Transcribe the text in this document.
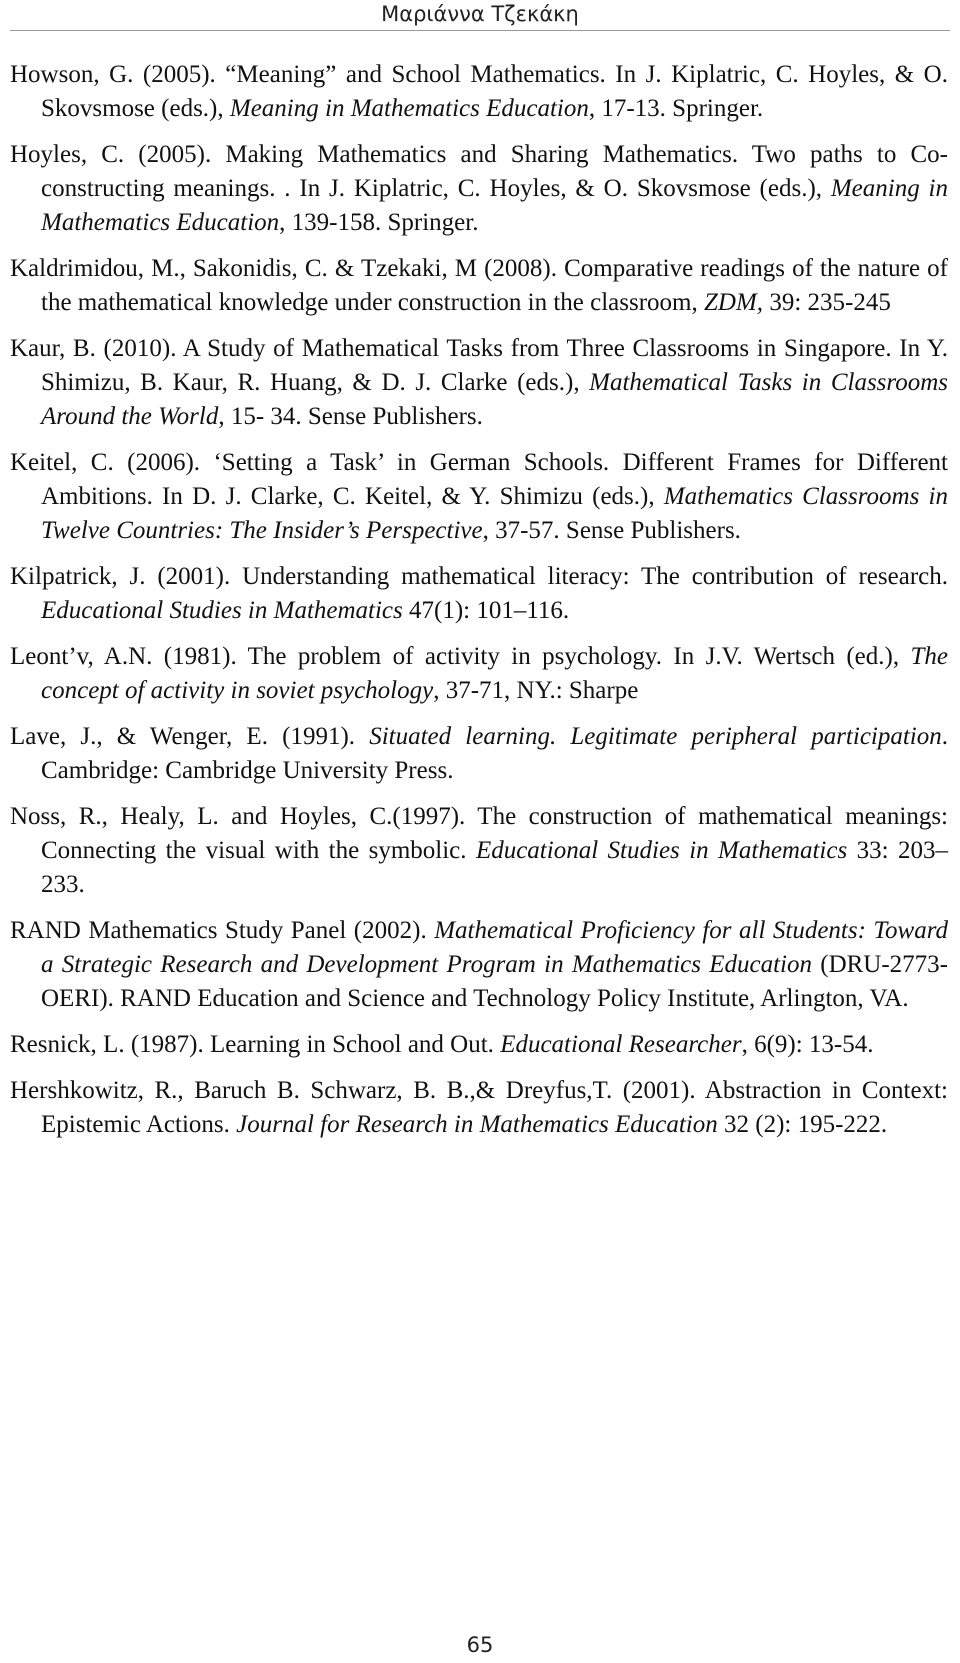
Μαριάννα Τζεκάκη

Howson, G. (2005). “Meaning” and School Mathematics. In J. Kiplatric, C. Hoyles, & O. Skovsmose (eds.), Meaning in Mathematics Education, 17-13. Springer.

Hoyles, C. (2005). Making Mathematics and Sharing Mathematics. Two paths to Co- constructing meanings. . In J. Kiplatric, C. Hoyles, & O. Skovsmose (eds.), Meaning in Mathematics Education, 139-158. Springer.

Kaldrimidou, M., Sakonidis, C. & Tzekaki, M (2008). Comparative readings of the nature of the mathematical knowledge under construction in the classroom, ZDM, 39: 235-245

Kaur, B. (2010). A Study of Mathematical Tasks from Three Classrooms in Singapore. In Y. Shimizu, B. Kaur, R. Huang, & D. J. Clarke (eds.), Mathematical Tasks in Classrooms Around the World, 15- 34. Sense Publishers.

Keitel, C. (2006). ‘Setting a Task’ in German Schools. Different Frames for Different Ambitions. In D. J. Clarke, C. Keitel, & Y. Shimizu (eds.), Mathematics Classrooms in Twelve Countries: The Insider’s Perspective, 37-57. Sense Publishers.

Kilpatrick, J. (2001). Understanding mathematical literacy: The contribution of research. Educational Studies in Mathematics 47(1): 101–116.

Leont’v, A.N. (1981). The problem of activity in psychology. In J.V. Wertsch (ed.), The concept of activity in soviet psychology, 37-71, NY.: Sharpe

Lave, J., & Wenger, E. (1991). Situated learning. Legitimate peripheral participation. Cambridge: Cambridge University Press.

Noss, R., Healy, L. and Hoyles, C.(1997). The construction of mathematical meanings: Connecting the visual with the symbolic. Educational Studies in Mathematics 33: 203–233.

RAND Mathematics Study Panel (2002). Mathematical Proficiency for all Students: Toward a Strategic Research and Development Program in Mathematics Education (DRU-2773-OERI). RAND Education and Science and Technology Policy Institute, Arlington, VA.

Resnick, L. (1987). Learning in School and Out. Educational Researcher, 6(9): 13-54.

Hershkowitz, R., Baruch B. Schwarz, B. B.,& Dreyfus,T. (2001). Abstraction in Context: Epistemic Actions. Journal for Research in Mathematics Education 32 (2): 195-222.

65
